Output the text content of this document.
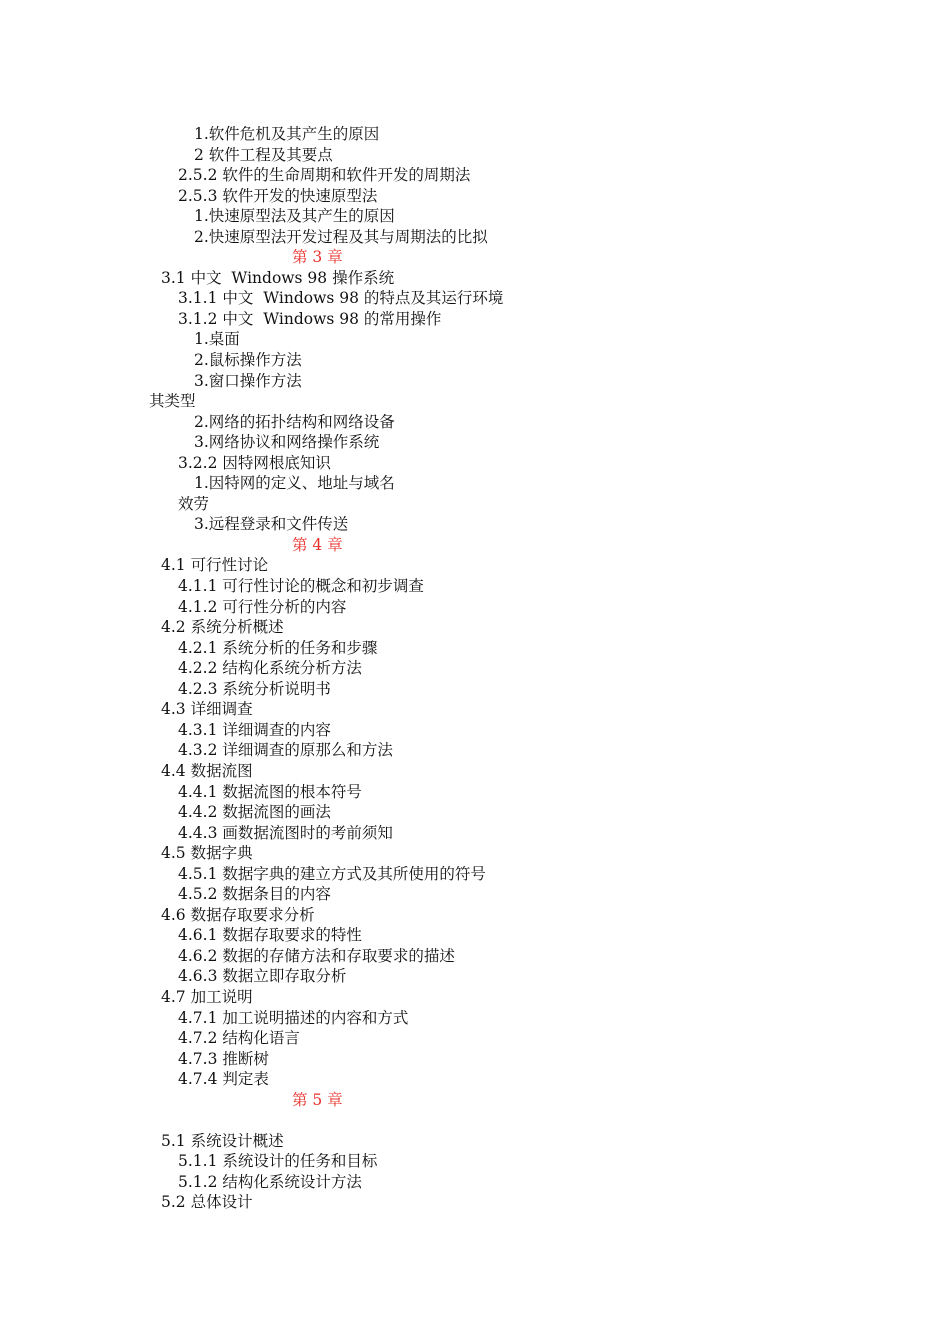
1.软件危机及其产生的原因
2 软件工程及其要点
2.5.2 软件的生命周期和软件开发的周期法
2.5.3 软件开发的快速原型法
1.快速原型法及其产生的原因
2.快速原型法开发过程及其与周期法的比拟
第 3 章
3.1 中文  Windows 98 操作系统
3.1.1 中文  Windows 98 的特点及其运行环境
3.1.2 中文  Windows 98 的常用操作
1.桌面
2.鼠标操作方法
3.窗口操作方法
其类型
2.网络的拓扑结构和网络设备
3.网络协议和网络操作系统
3.2.2 因特网根底知识
1.因特网的定义、地址与域名
效劳
3.远程登录和文件传送
第 4 章
4.1 可行性讨论
4.1.1 可行性讨论的概念和初步调查
4.1.2 可行性分析的内容
4.2 系统分析概述
4.2.1 系统分析的任务和步骤
4.2.2 结构化系统分析方法
4.2.3 系统分析说明书
4.3 详细调查
4.3.1 详细调查的内容
4.3.2 详细调查的原那么和方法
4.4 数据流图
4.4.1 数据流图的根本符号
4.4.2 数据流图的画法
4.4.3 画数据流图时的考前须知
4.5 数据字典
4.5.1 数据字典的建立方式及其所使用的符号
4.5.2 数据条目的内容
4.6 数据存取要求分析
4.6.1 数据存取要求的特性
4.6.2 数据的存储方法和存取要求的描述
4.6.3 数据立即存取分析
4.7 加工说明
4.7.1 加工说明描述的内容和方式
4.7.2 结构化语言
4.7.3 推断树
4.7.4 判定表
第 5 章
5.1 系统设计概述
5.1.1 系统设计的任务和目标
5.1.2 结构化系统设计方法
5.2 总体设计
